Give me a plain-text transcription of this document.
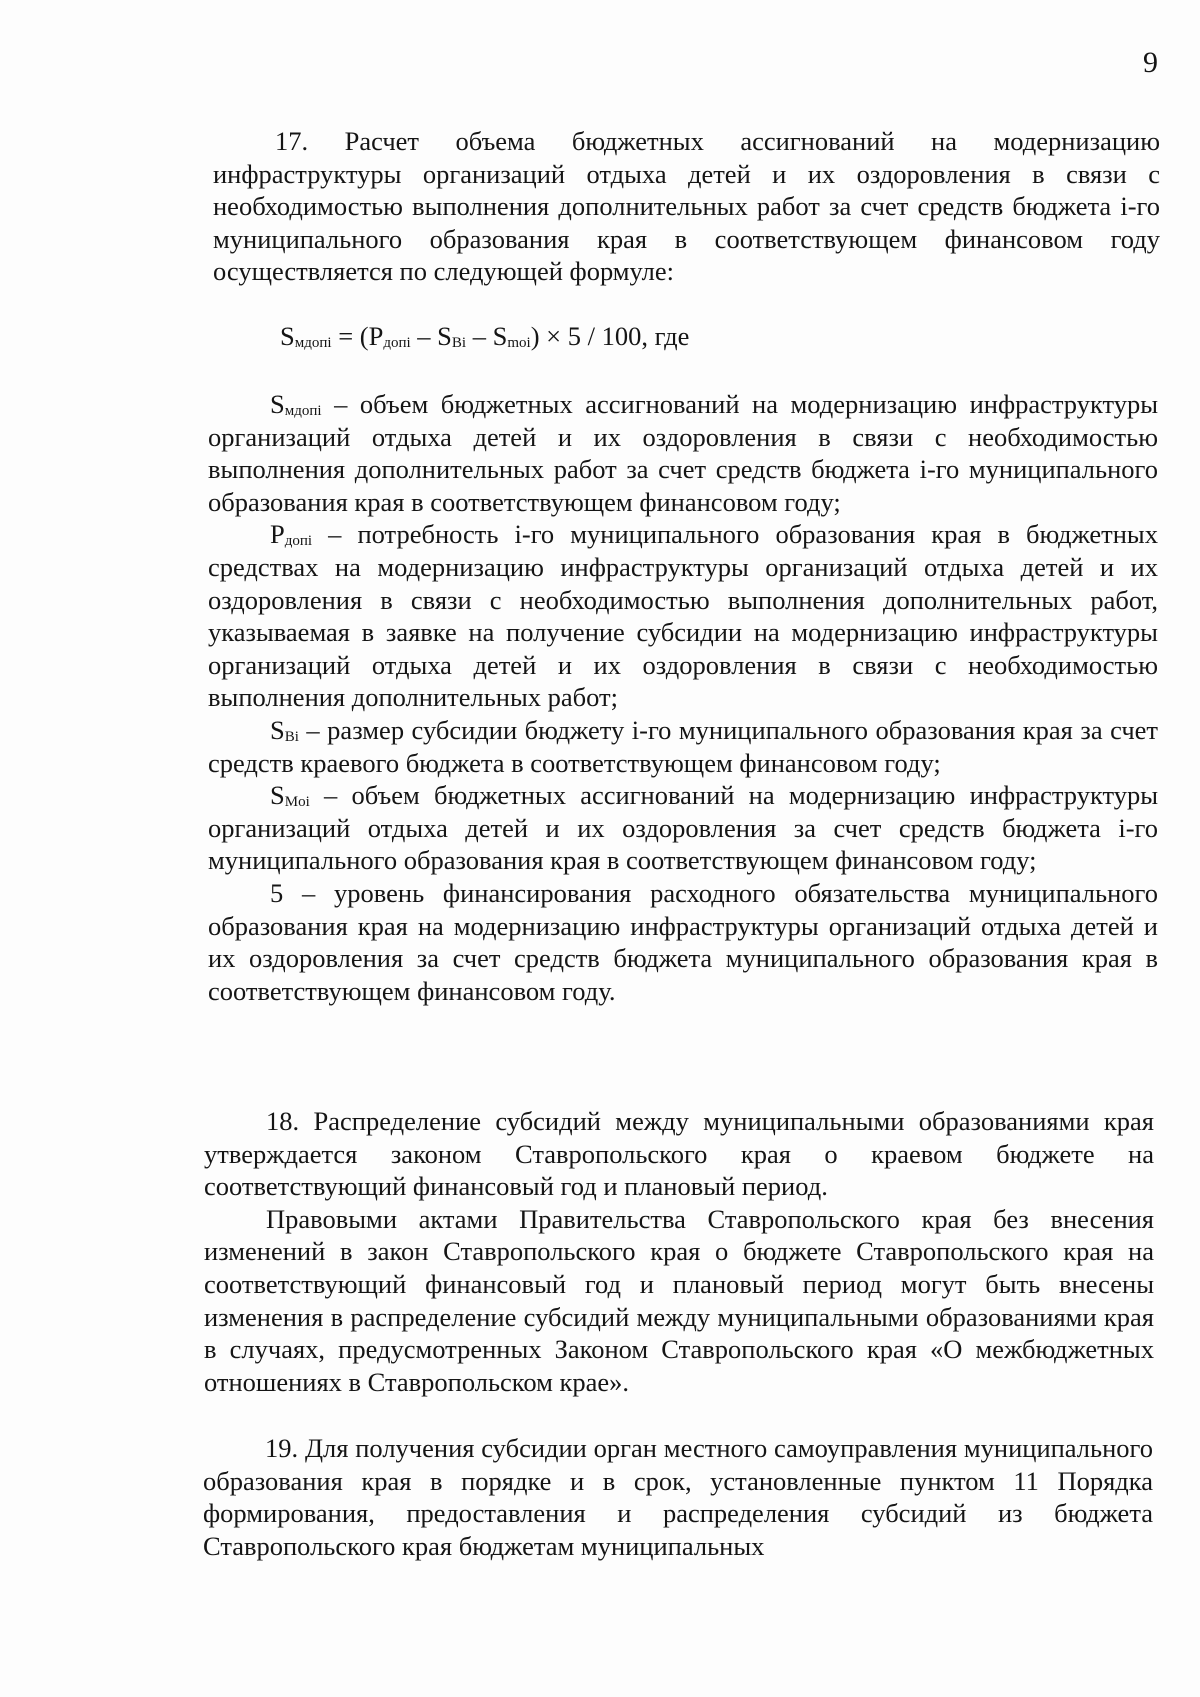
9

17. Расчет объема бюджетных ассигнований на модернизацию инфраструктуры организаций отдыха детей и их оздоровления в связи с необходимостью выполнения дополнительных работ за счет средств бюджета i-го муниципального образования края в соответствующем финансовом году осуществляется по следующей формуле:

$S_{мдопi} = (P_{допi} - S_{Вi} - S_{moi}) \times 5 / 100$, где

$S_{мдопi}$ – объем бюджетных ассигнований на модернизацию инфраструктуры организаций отдыха детей и их оздоровления в связи с необходимостью выполнения дополнительных работ за счет средств бюджета i-го муниципального образования края в соответствующем финансовом году;

$P_{допi}$ – потребность i-го муниципального образования края в бюджетных средствах на модернизацию инфраструктуры организаций отдыха детей и их оздоровления в связи с необходимостью выполнения дополнительных работ, указываемая в заявке на получение субсидии на модернизацию инфраструктуры организаций отдыха детей и их оздоровления в связи с необходимостью выполнения дополнительных работ;

$S_{Вi}$ – размер субсидии бюджету i-го муниципального образования края за счет средств краевого бюджета в соответствующем финансовом году;

$S_{Мoi}$ – объем бюджетных ассигнований на модернизацию инфраструктуры организаций отдыха детей и их оздоровления за счет средств бюджета i-го муниципального образования края в соответствующем финансовом году;

5 – уровень финансирования расходного обязательства муниципального образования края на модернизацию инфраструктуры организаций отдыха детей и их оздоровления за счет средств бюджета муниципального образования края в соответствующем финансовом году.

18. Распределение субсидий между муниципальными образованиями края утверждается законом Ставропольского края о краевом бюджете на соответствующий финансовый год и плановый период.

Правовыми актами Правительства Ставропольского края без внесения изменений в закон Ставропольского края о бюджете Ставропольского края на соответствующий финансовый год и плановый период могут быть внесены изменения в распределение субсидий между муниципальными образованиями края в случаях, предусмотренных Законом Ставропольского края «О межбюджетных отношениях в Ставропольском крае».

19. Для получения субсидии орган местного самоуправления муниципального образования края в порядке и в срок, установленные пунктом 11 Порядка формирования, предоставления и распределения субсидий из бюджета Ставропольского края бюджетам муниципальных
